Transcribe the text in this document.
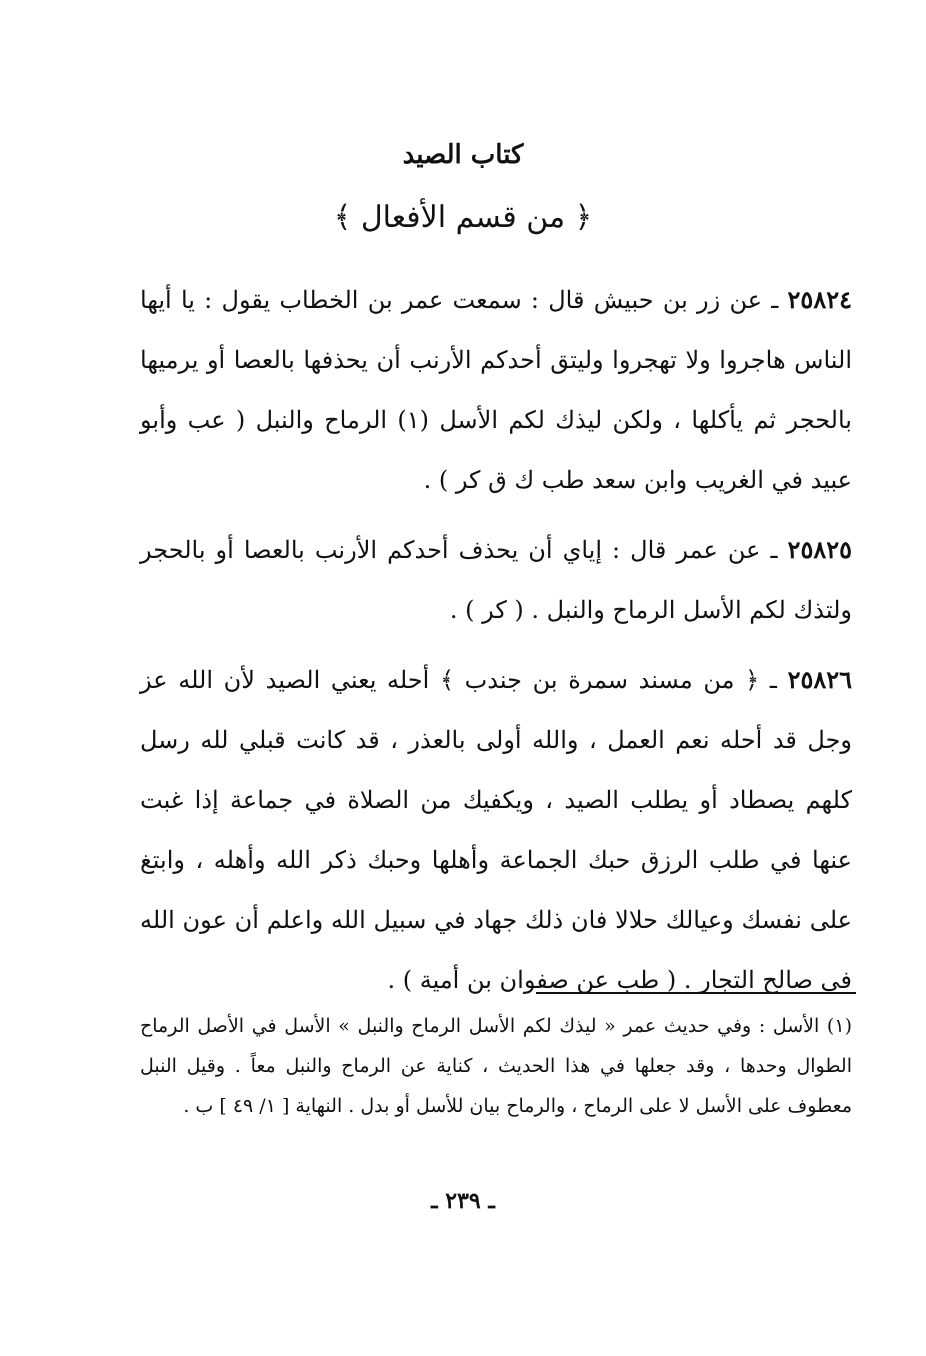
كتاب الصيد
﴿ من قسم الأفعال ﴾

٢٥٨٢٤ ـ عن زر بن حبيش قال : سمعت عمر بن الخطاب يقول : يا أيها الناس هاجروا ولا تهجروا وليتق أحدكم الأرنب أن يحذفها بالعصا أو يرميها بالحجر ثم يأكلها ، ولكن ليذك لكم الأسل (١) الرماح والنبل ( عب وأبو عبيد في الغريب وابن سعد طب ك ق كر ) .

٢٥٨٢٥ ـ عن عمر قال : إياي أن يحذف أحدكم الأرنب بالعصا أو بالحجر ولتذك لكم الأسل الرماح والنبل . ( كر ) .

٢٥٨٢٦ ـ ﴿ من مسند سمرة بن جندب ﴾ أحله يعني الصيد لأن الله عز وجل قد أحله نعم العمل ، والله أولى بالعذر ، قد كانت قبلي لله رسل كلهم يصطاد أو يطلب الصيد ، ويكفيك من الصلاة في جماعة إذا غبت عنها في طلب الرزق حبك الجماعة وأهلها وحبك ذكر الله وأهله ، وابتغ على نفسك وعيالك حلالا فان ذلك جهاد في سبيل الله واعلم أن عون الله في صالح التجار . ( طب عن صفوان بن أمية ) .

(١) الأسل : وفي حديث عمر « ليذك لكم الأسل الرماح والنبل » الأسل في الأصل الرماح الطوال وحدها ، وقد جعلها في هذا الحديث ، كناية عن الرماح والنبل معاً . وقيل النبل معطوف على الأسل لا على الرماح ، والرماح بيان للأسل أو بدل . النهاية [ ١/ ٤٩ ] ب .
ـ ٢٣٩ ـ
